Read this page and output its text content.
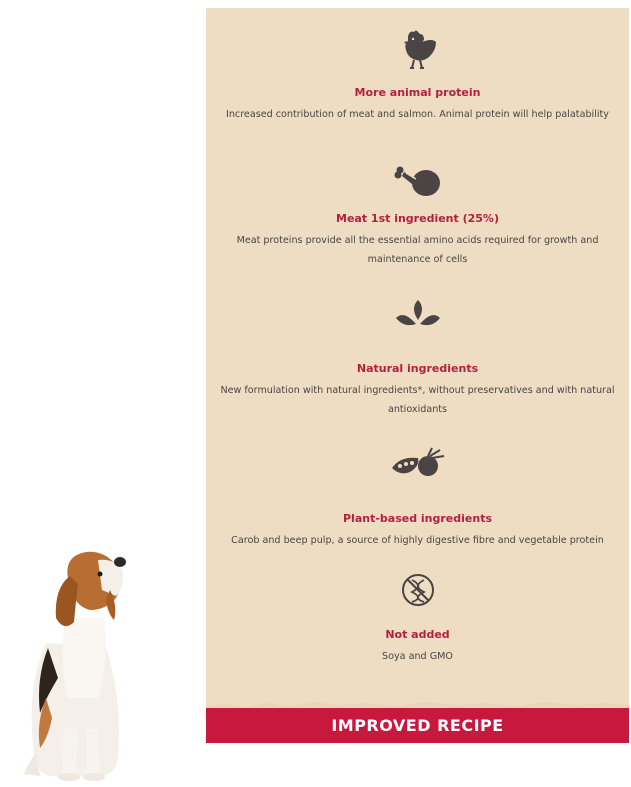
More animal protein
Increased contribution of meat and salmon. Animal protein will help palatability
Meat 1st ingredient (25%)
Meat proteins provide all the essential amino acids required for growth and maintenance of cells
Natural ingredients
New formulation with natural ingredients*, without preservatives and with natural antioxidants
Plant-based ingredients
Carob and beep pulp, a source of highly digestive fibre and vegetable protein
Not added
Soya and GMO
IMPROVED RECIPE
